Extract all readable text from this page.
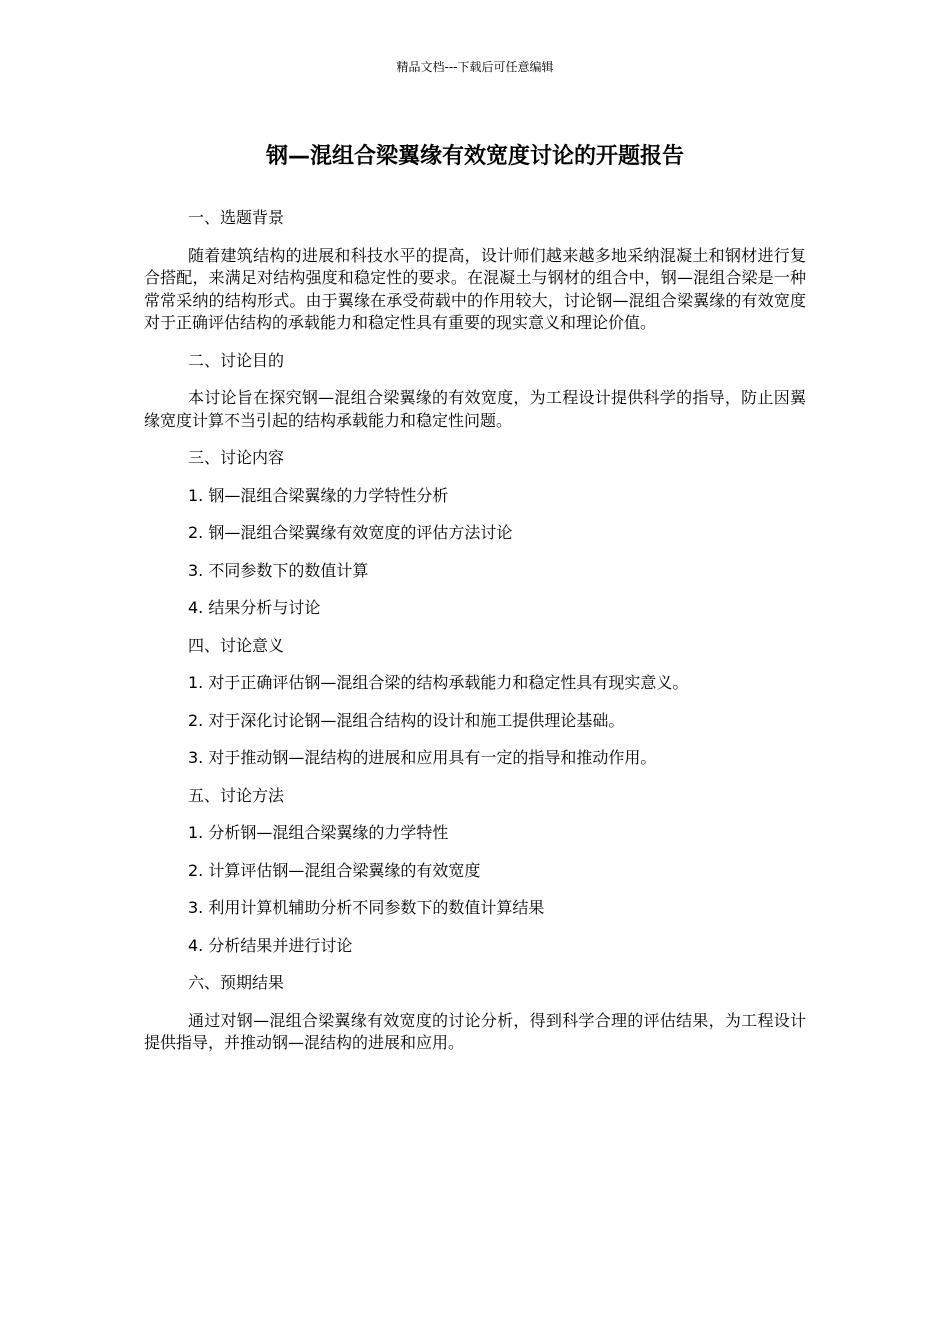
精品文档---下载后可任意编辑
钢—混组合梁翼缘有效宽度讨论的开题报告

一、选题背景

随着建筑结构的进展和科技水平的提高，设计师们越来越多地采纳混凝土和钢材进行复合搭配，来满足对结构强度和稳定性的要求。在混凝土与钢材的组合中，钢—混组合梁是一种常常采纳的结构形式。由于翼缘在承受荷载中的作用较大，讨论钢—混组合梁翼缘的有效宽度对于正确评估结构的承载能力和稳定性具有重要的现实意义和理论价值。

二、讨论目的

本讨论旨在探究钢—混组合梁翼缘的有效宽度，为工程设计提供科学的指导，防止因翼缘宽度计算不当引起的结构承载能力和稳定性问题。

三、讨论内容

1. 钢—混组合梁翼缘的力学特性分析

2. 钢—混组合梁翼缘有效宽度的评估方法讨论

3. 不同参数下的数值计算

4. 结果分析与讨论

四、讨论意义

1. 对于正确评估钢—混组合梁的结构承载能力和稳定性具有现实意义。

2. 对于深化讨论钢—混组合结构的设计和施工提供理论基础。

3. 对于推动钢—混结构的进展和应用具有一定的指导和推动作用。

五、讨论方法

1. 分析钢—混组合梁翼缘的力学特性

2. 计算评估钢—混组合梁翼缘的有效宽度

3. 利用计算机辅助分析不同参数下的数值计算结果

4. 分析结果并进行讨论

六、预期结果

通过对钢—混组合梁翼缘有效宽度的讨论分析，得到科学合理的评估结果，为工程设计提供指导，并推动钢—混结构的进展和应用。
